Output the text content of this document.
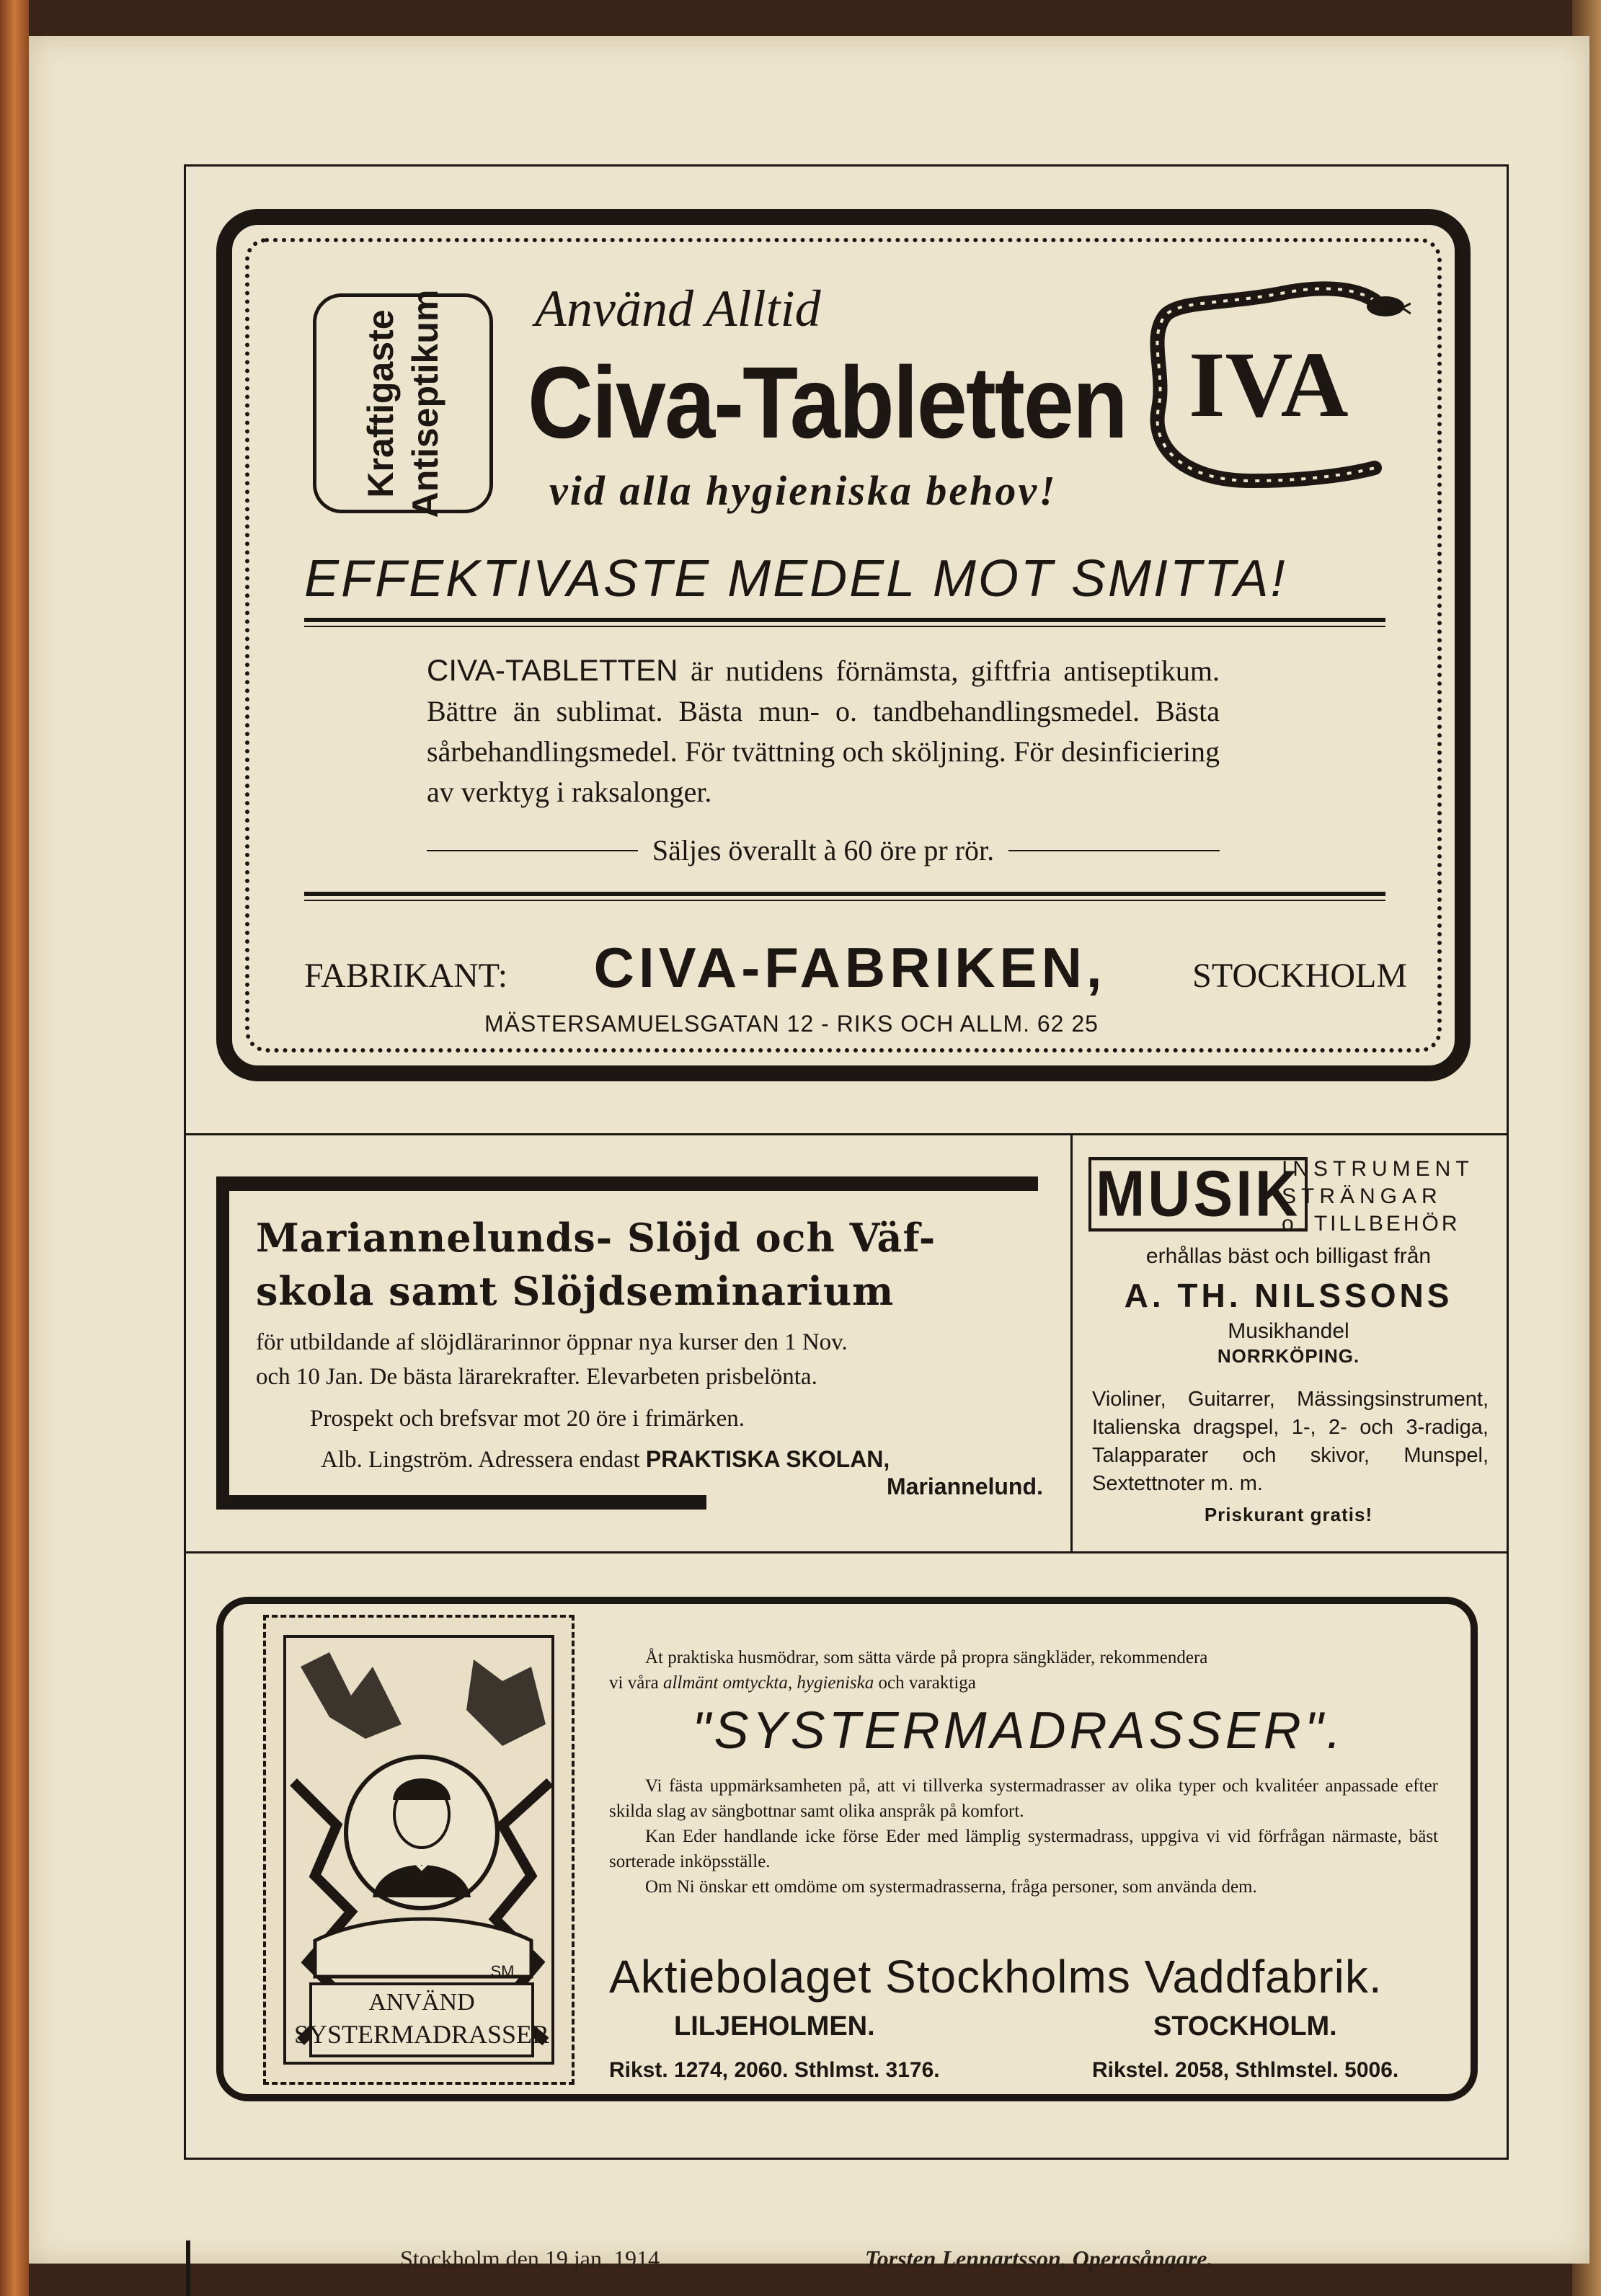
Kraftigaste Antiseptikum Använd Alltid
Civa-Tabletten
vid alla hygieniska behov!
IVA
EFFEKTIVASTE MEDEL MOT SMITTA!
CIVA-TABLETTEN är nutidens förnämsta, giftfria antiseptikum. Bättre än sublimat. Bästa mun- o. tandbehandlingsmedel. Bästa sårbehandlingsmedel. För tvättning och sköljning. För desinficiering av verktyg i raksalonger.
Säljes överallt à 60 öre pr rör.
FABRIKANT: CIVA-FABRIKEN, STOCKHOLM
MÄSTERSAMUELSGATAN 12 - RIKS OCH ALLM. 62 25
Mariannelunds- Slöjd och Väf-
skola samt Slöjdseminarium
för utbildande af slöjdlärarinnor öppnar nya kurser den 1 Nov.
och 10 Jan. De bästa lärarekrafter. Elevarbeten prisbelönta.
Prospekt och brefsvar mot 20 öre i frimärken.
Alb. Lingström. Adressera endast PRAKTISKA SKOLAN,
Mariannelund.
MUSIK
INSTRUMENT
STRÄNGAR
o. TILLBEHÖR
erhållas bäst och billigast från
A. TH. NILSSONS
Musikhandel
NORRKÖPING.
Violiner, Guitarrer, Mässingsinstrument, Italienska dragspel, 1-, 2- och 3-radiga, Talapparater och skivor, Munspel, Sextettnoter m. m.
Priskurant gratis!
ANVÄND
SYSTERMADRASSER
SM
Åt praktiska husmödrar, som sätta värde på propra sängkläder, rekommendera
vi våra allmänt omtyckta, hygieniska och varaktiga
"SYSTERMADRASSER".
Vi fästa uppmärksamheten på, att vi tillverka systermadrasser av olika typer och kvalitéer anpassade efter skilda slag av sängbottnar samt olika anspråk på komfort.
Kan Eder handlande icke förse Eder med lämplig systermadrass, uppgiva vi vid förfrågan närmaste, bäst sorterade inköpsställe.
Om Ni önskar ett omdöme om systermadrasserna, fråga personer, som använda dem.
Aktiebolaget Stockholms Vaddfabrik.
LILJEHOLMEN.	STOCKHOLM.
Rikst. 1274, 2060. Sthlmst. 3176.	Rikstel. 2058, Sthlmstel. 5006.
Stockholm den 19 jan. 1914.	Torsten Lennartsson, Operasångare.
